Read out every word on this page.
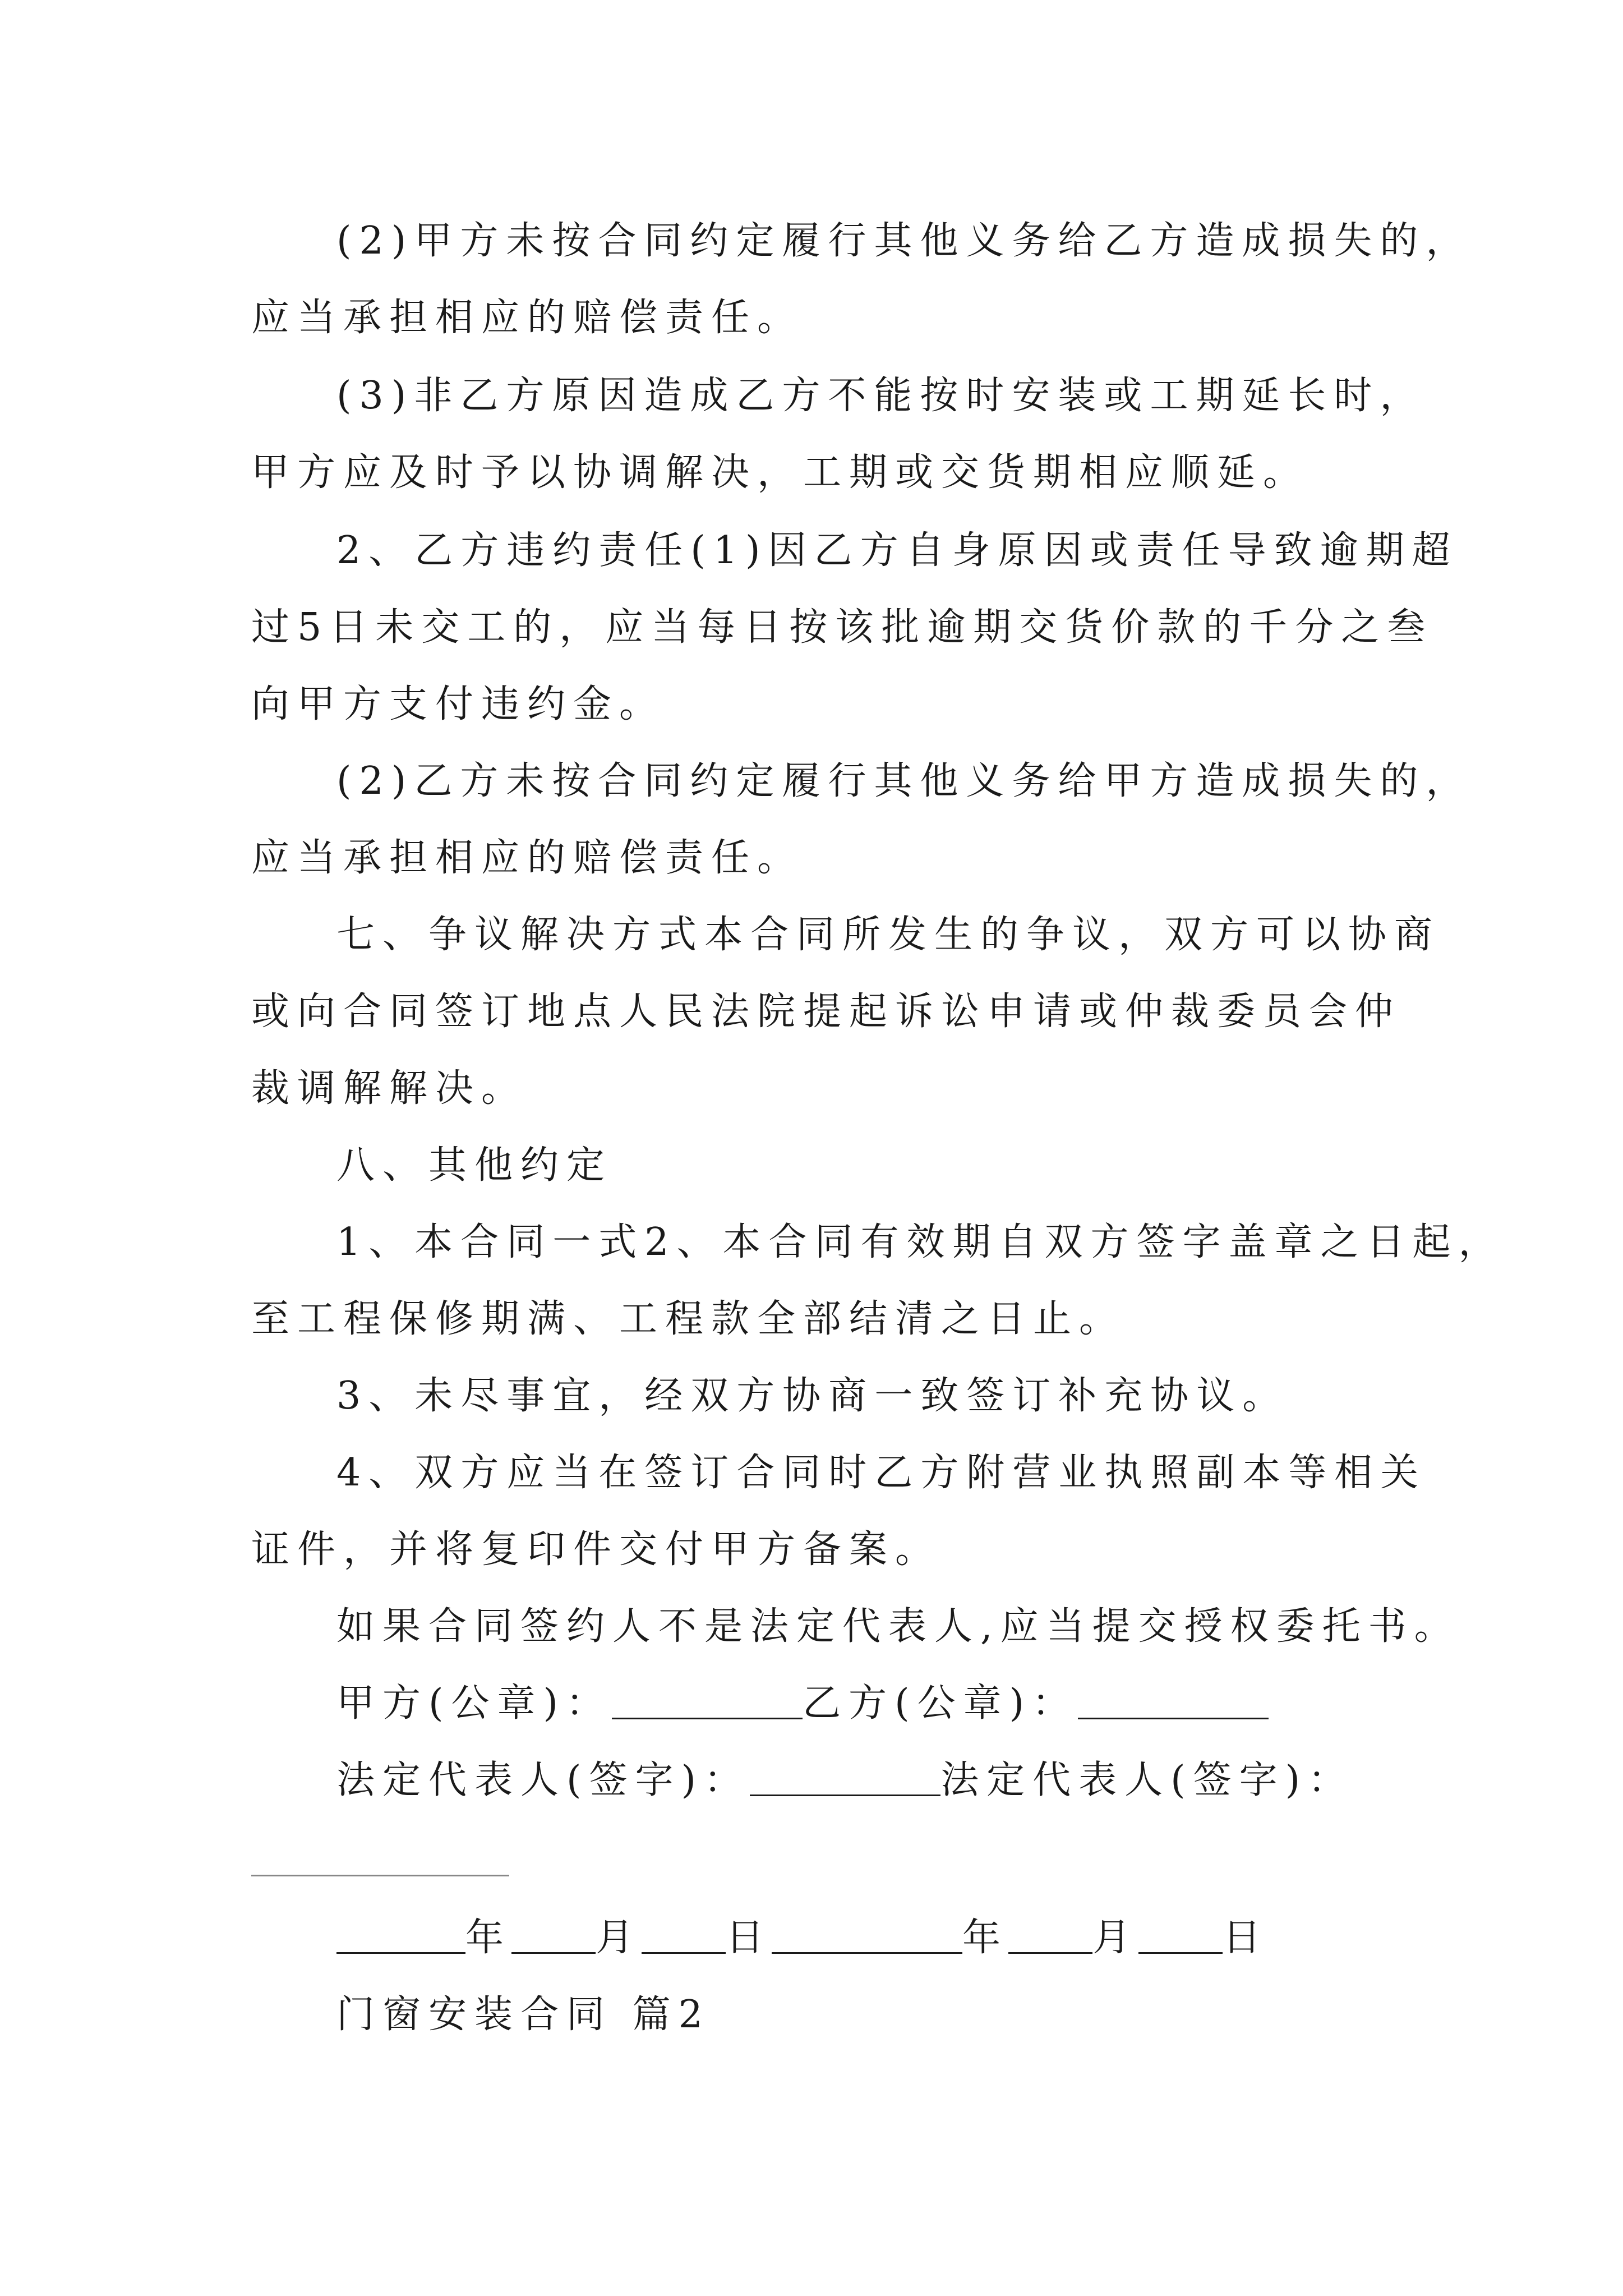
(2)甲方未按合同约定履行其他义务给乙方造成损失的，
应当承担相应的赔偿责任。
(3)非乙方原因造成乙方不能按时安装或工期延长时，
甲方应及时予以协调解决，工期或交货期相应顺延。
2、乙方违约责任(1)因乙方自身原因或责任导致逾期超
过5日未交工的，应当每日按该批逾期交货价款的千分之叁
向甲方支付违约金。
(2)乙方未按合同约定履行其他义务给甲方造成损失的，
应当承担相应的赔偿责任。
七、争议解决方式本合同所发生的争议，双方可以协商
或向合同签订地点人民法院提起诉讼申请或仲裁委员会仲
裁调解解决。
八、其他约定
1、本合同一式2、本合同有效期自双方签字盖章之日起，
至工程保修期满、工程款全部结清之日止。
3、未尽事宜，经双方协商一致签订补充协议。
4、双方应当在签订合同时乙方附营业执照副本等相关
证件，并将复印件交付甲方备案。
如果合同签约人不是法定代表人,应当提交授权委托书。
甲方(公章)：	乙方(公章)：
法定代表人(签字)：	法定代表人(签字)：
年 月 日	年 月 日
门窗安装合同 篇2
